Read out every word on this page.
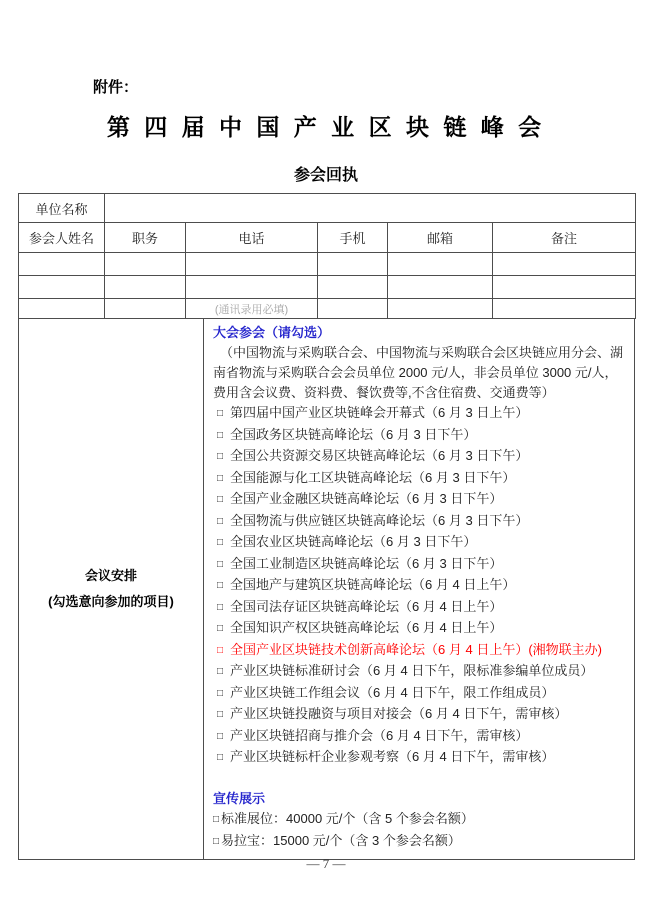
附件：
第 四 届 中 国 产 业 区 块 链 峰 会
参会回执
单位名称					
参会人姓名	职务	电话	手机	邮箱	备注

		(通讯录用必填)			
会议安排
(勾选意向参加的项目)
大会参会（请勾选）

（中国物流与采购联合会、中国物流与采购联合会区块链应用分会、湖南省物流与采购联合会会员单位 2000 元/人，非会员单位 3000 元/人，费用含会议费、资料费、餐饮费等,不含住宿费、交通费等）

□ 第四届中国产业区块链峰会开幕式（6 月 3 日上午）
□ 全国政务区块链高峰论坛（6 月 3 日下午）
□ 全国公共资源交易区块链高峰论坛（6 月 3 日下午）
□ 全国能源与化工区块链高峰论坛（6 月 3 日下午）
□ 全国产业金融区块链高峰论坛（6 月 3 日下午）
□ 全国物流与供应链区块链高峰论坛（6 月 3 日下午）
□ 全国农业区块链高峰论坛（6 月 3 日下午）
□ 全国工业制造区块链高峰论坛（6 月 3 日下午）
□ 全国地产与建筑区块链高峰论坛（6 月 4 日上午）
□ 全国司法存证区块链高峰论坛（6 月 4 日上午）
□ 全国知识产权区块链高峰论坛（6 月 4 日上午）
□ 全国产业区块链技术创新高峰论坛（6 月 4 日上午）(湘物联主办)
□ 产业区块链标准研讨会（6 月 4 日下午，限标准参编单位成员）
□ 产业区块链工作组会议（6 月 4 日下午，限工作组成员）
□ 产业区块链投融资与项目对接会（6 月 4 日下午，需审核）
□ 产业区块链招商与推介会（6 月 4 日下午，需审核）
□ 产业区块链标杆企业参观考察（6 月 4 日下午，需审核）
宣传展示
□ 标准展位：40000 元/个（含 5 个参会名额）
□ 易拉宝：15000 元/个（含 3 个参会名额）
— 7 —
